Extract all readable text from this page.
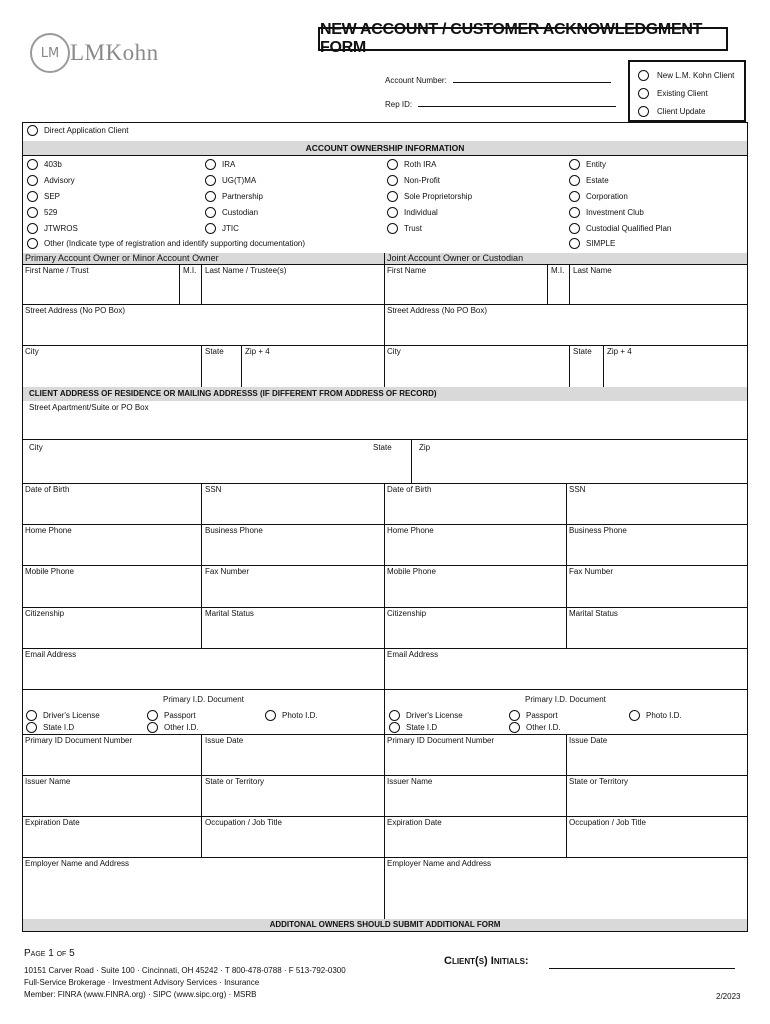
LM LMKohn
NEW ACCOUNT / CUSTOMER ACKNOWLEDGMENT FORM
Account Number:
Rep ID:
New L.M. Kohn Client
Existing Client
Client Update
Direct Application Client
ACCOUNT OWNERSHIP INFORMATION
403b
Advisory
SEP
529
JTWROS
IRA
UG(T)MA
Partnership
Custodian
JTIC
Roth IRA
Non-Profit
Sole Proprietorship
Individual
Trust
Entity
Estate
Corporation
Investment Club
Custodial Qualified Plan
SIMPLE
Other (Indicate type of registration and identify supporting documentation)
Primary Account Owner or Minor Account Owner	Joint Account Owner or Custodian
First Name / Trust	M.I. Last Name / Trustee(s)	First Name	M.I. Last Name
Street Address (No PO Box)	Street Address (No PO Box)
City	State	Zip + 4	City	State Zip + 4
CLIENT ADDRESS OF RESIDENCE OR MAILING ADDRESSS (IF DIFFERENT FROM ADDRESS OF RECORD)
Street Apartment/Suite or PO Box
City	State	Zip
Date of Birth	SSN	Date of Birth	SSN
Home Phone	Business Phone	Home Phone	Business Phone
Mobile Phone	Fax Number	Mobile Phone	Fax Number
Citizenship	Marital Status	Citizenship	Marital Status
Email Address	Email Address
Primary I.D. Document	Primary I.D. Document
Driver's License	Passport	Photo I.D.
State I.D	Other I.D.
Driver's License	Passport	Photo I.D.
State I.D	Other I.D.
Primary ID Document Number	Issue Date	Primary ID Document Number	Issue Date
Issuer Name	State or Territory	Issuer Name	State or Territory
Expiration Date	Occupation / Job Title	Expiration Date	Occupation / Job Title
Employer Name and Address	Employer Name and Address
ADDITONAL OWNERS SHOULD SUBMIT ADDITIONAL FORM
Page 1 of 5
10151 Carver Road · Suite 100 · Cincinnati, OH 45242 · T 800-478-0788 · F 513-792-0300
Full-Service Brokerage · Investment Advisory Services · Insurance
Member: FINRA (www.FINRA.org) · SIPC (www.sipc.org) · MSRB
Client(s) Initials:
2/2023
